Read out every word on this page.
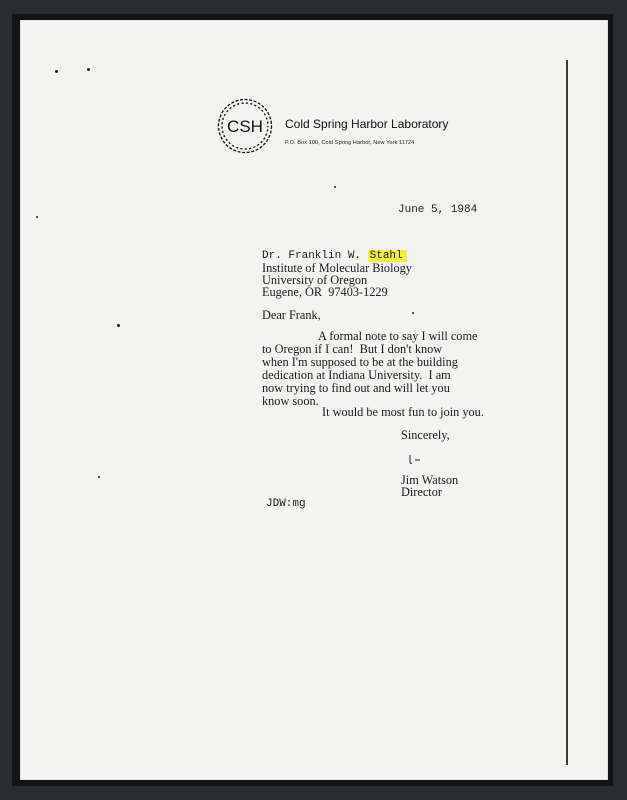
CSH Cold Spring Harbor Laboratory
P.O. Box 100, Cold Spring Harbor, New York 11724
June 5, 1984
Dr. Franklin W. Stahl
Institute of Molecular Biology
University of Oregon
Eugene, OR  97403-1229
Dear Frank,
A formal note to say I will come
to Oregon if I can!  But I don't know
when I'm supposed to be at the building
dedication at Indiana University.  I am
now trying to find out and will let you
know soon.
It would be most fun to join you.
Sincerely,
Jim Watson
Director
JDW:mg
